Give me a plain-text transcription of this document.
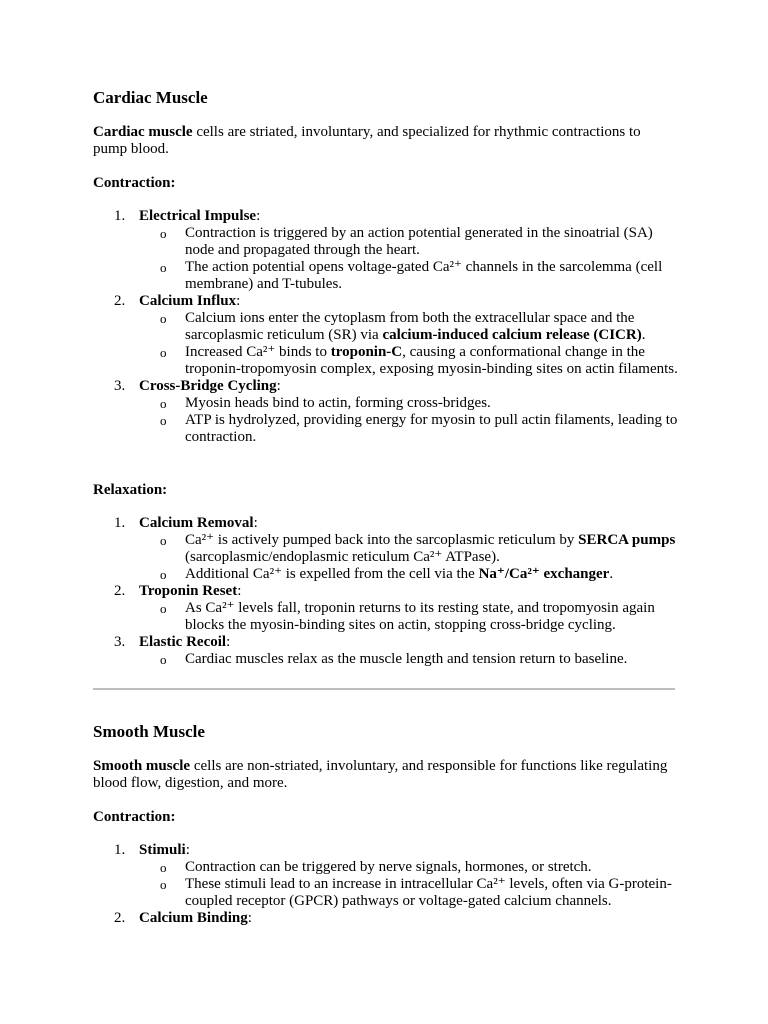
Cardiac Muscle

Cardiac muscle cells are striated, involuntary, and specialized for rhythmic contractions to pump blood.

Contraction:
1. Electrical Impulse:
o Contraction is triggered by an action potential generated in the sinoatrial (SA) node and propagated through the heart.
o The action potential opens voltage-gated Ca²⁺ channels in the sarcolemma (cell membrane) and T-tubules.
2. Calcium Influx:
o Calcium ions enter the cytoplasm from both the extracellular space and the sarcoplasmic reticulum (SR) via calcium-induced calcium release (CICR).
o Increased Ca²⁺ binds to troponin-C, causing a conformational change in the troponin-tropomyosin complex, exposing myosin-binding sites on actin filaments.
3. Cross-Bridge Cycling:
o Myosin heads bind to actin, forming cross-bridges.
o ATP is hydrolyzed, providing energy for myosin to pull actin filaments, leading to contraction.
Relaxation:
1. Calcium Removal:
o Ca²⁺ is actively pumped back into the sarcoplasmic reticulum by SERCA pumps (sarcoplasmic/endoplasmic reticulum Ca²⁺ ATPase).
o Additional Ca²⁺ is expelled from the cell via the Na⁺/Ca²⁺ exchanger.
2. Troponin Reset:
o As Ca²⁺ levels fall, troponin returns to its resting state, and tropomyosin again blocks the myosin-binding sites on actin, stopping cross-bridge cycling.
3. Elastic Recoil:
o Cardiac muscles relax as the muscle length and tension return to baseline.
Smooth Muscle

Smooth muscle cells are non-striated, involuntary, and responsible for functions like regulating blood flow, digestion, and more.

Contraction:
1. Stimuli:
o Contraction can be triggered by nerve signals, hormones, or stretch.
o These stimuli lead to an increase in intracellular Ca²⁺ levels, often via G-protein-coupled receptor (GPCR) pathways or voltage-gated calcium channels.
2. Calcium Binding:
